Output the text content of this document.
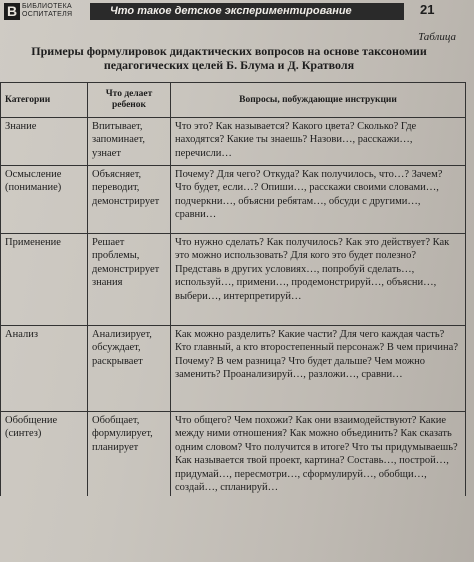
B БИБЛИОТЕКА ОСПИТАТЕЛЯ	Что такое детское экспериментирование	21
Таблица
Примеры формулировок дидактических вопросов на основе таксономии педагогических целей Б. Блума и Д. Кратволя
Категории	Что делает ребенок	Вопросы, побуждающие инструкции
Знание	Впитывает, запоминает, узнает	Что это? Как называется? Какого цвета? Сколько? Где находятся? Какие ты знаешь? Назови…, расскажи…, перечисли…
Осмысление (понимание)	Объясняет, переводит, демонстрирует	Почему? Для чего? Откуда? Как получилось, что…? Зачем? Что будет, если…? Опиши…, расскажи своими словами…, подчеркни…, объясни ребятам…, обсуди с другими…, сравни…
Применение	Решает проблемы, демонстрирует знания	Что нужно сделать? Как получилось? Как это действует? Как это можно использовать? Для кого это будет полезно? Представь в других условиях…, попробуй сделать…, используй…, примени…, продемонстрируй…, объясни…, выбери…, интерпретируй…
Анализ	Анализирует, обсуждает, раскрывает	Как можно разделить? Какие части? Для чего каждая часть? Кто главный, а кто второстепенный персонаж? В чем причина? Почему? В чем разница? Что будет дальше? Чем можно заменить? Проанализируй…, разложи…, сравни…
Обобщение (синтез)	Обобщает, формулирует, планирует	Что общего? Чем похожи? Как они взаимодействуют? Какие между ними отношения? Как можно объединить? Как сказать одним словом? Что получится в итоге? Что ты придумываешь? Как называется твой проект, картина? Составь…, построй…, придумай…, пересмотри…, сформулируй…, обобщи…, создай…, спланируй…
